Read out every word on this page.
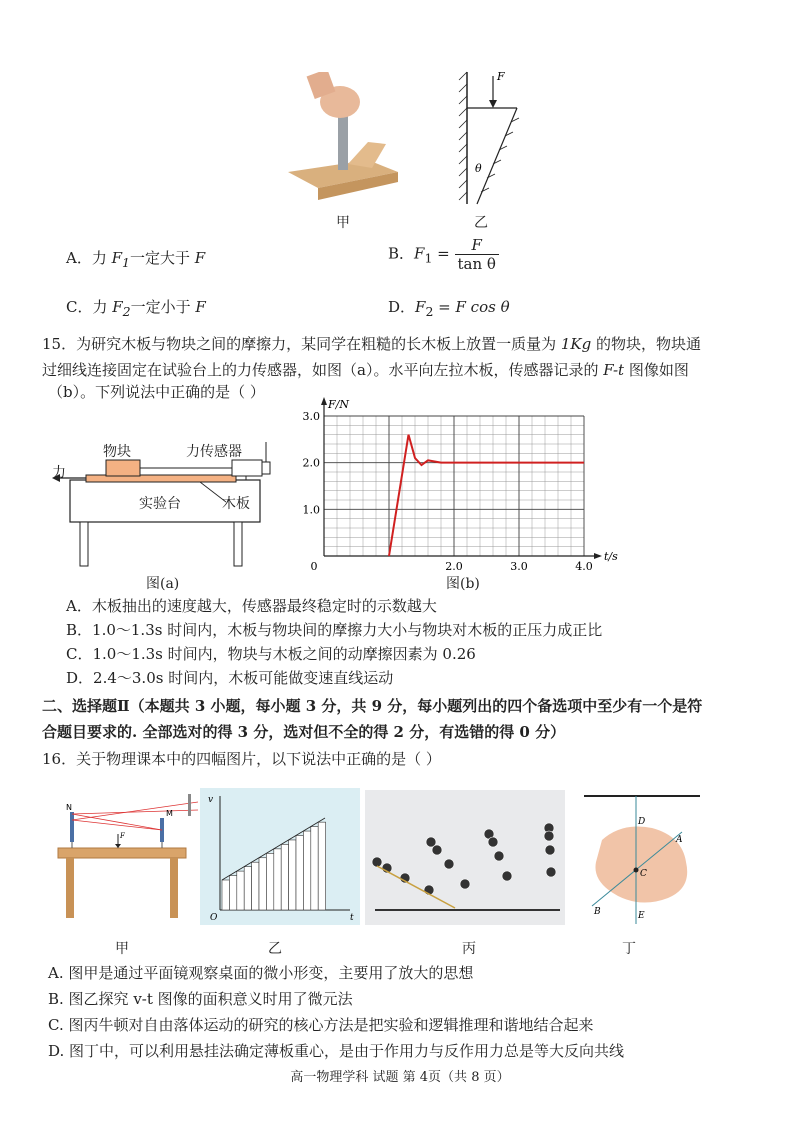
F
θ
甲	乙
A．力 $F_1$一定大于 F	B．$F_1 = \frac{F}{\text{tan θ}}$
C．力 $F_2$一定小于 F	D．$F_2 = F$ cos θ
15．为研究木板与物块之间的摩擦力，某同学在粗糙的长木板上放置一质量为 1Kg 的物块，物块通
过细线连接固定在试验台上的力传感器，如图（a）。水平向左拉木板，传感器记录的 F-t 图像如图
（b）。下列说法中正确的是（ ）
物块	力传感器
力
实验台	木板
图(a)
1.0
2.0
3.0
0	2.0	3.0	4.0
F/N
t/s
图(b)
A．木板抽出的速度越大，传感器最终稳定时的示数越大
B．1.0～1.3s 时间内，木板与物块间的摩擦力大小与物块对木板的正压力成正比
C．1.0～1.3s 时间内，物块与木板之间的动摩擦因素为 0.26
D．2.4～3.0s 时间内，木板可能做变速直线运动
二、选择题Ⅱ（本题共 3 小题，每小题 3 分，共 9 分，每小题列出的四个备选项中至少有一个是符
合题目要求的. 全部选对的得 3 分，选对但不全的得 2 分，有选错的得 0 分）
16．关于物理课本中的四幅图片，以下说法中正确的是（ ）
N
M
F
O	t
v
D
A
C
B	E
甲	乙	丙	丁
A. 图甲是通过平面镜观察桌面的微小形变，主要用了放大的思想
B. 图乙探究 v-t 图像的面积意义时用了微元法
C. 图丙牛顿对自由落体运动的研究的核心方法是把实验和逻辑推理和谐地结合起来
D. 图丁中，可以利用悬挂法确定薄板重心，是由于作用力与反作用力总是等大反向共线
高一物理学科 试题 第 4页（共 8 页）
